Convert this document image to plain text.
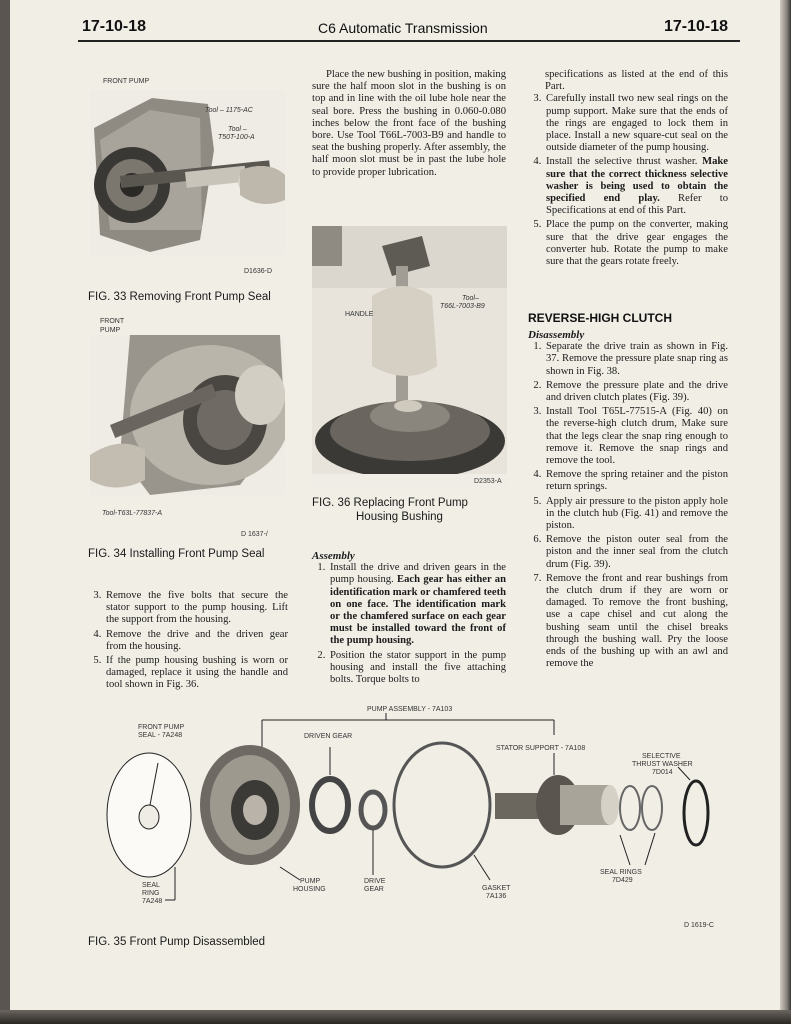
17-10-18	C6 Automatic Transmission	17-10-18
FRONT PUMP
Tool – 1175-AC
Tool –
T50T-100-A
D1636-D
FIG. 33 Removing Front Pump Seal
FRONT
PUMP
Tool-T63L-77837-A
D 1637-/
FIG. 34 Installing Front Pump Seal
3. Remove the five bolts that secure the stator support to the pump housing. Lift the support from the housing.
4. Remove the drive and the driven gear from the housing.
5. If the pump housing bushing is worn or damaged, replace it using the handle and tool shown in Fig. 36.

Place the new bushing in position, making sure the half moon slot in the bushing is on top and in line with the oil lube hole near the seal bore. Press the bushing in 0.060-0.080 inches below the front face of the bushing bore. Use Tool T66L-7003-B9 and handle to seat the bushing properly. After assembly, the half moon slot must be in past the lube hole to provide proper lubrication.

HANDLE
Tool–
T66L-7003-B9
D2353-A
FIG. 36 Replacing Front Pump
Housing Bushing

Assembly

1. Install the drive and driven gears in the pump housing. Each gear has either an identification mark or chamfered teeth on one face. The identification mark or the chamfered surface on each gear must be installed toward the front of the pump housing.
2. Position the stator support in the pump housing and install the five attaching bolts. Torque bolts to

specifications as listed at the end of this Part.

3. Carefully install two new seal rings on the pump support. Make sure that the ends of the rings are engaged to lock them in place. Install a new square-cut seal on the outside diameter of the pump housing.
4. Install the selective thrust washer. Make sure that the correct thickness selective washer is being used to obtain the specified end play. Refer to Specifications at end of this Part.
5. Place the pump on the converter, making sure that the drive gear engages the converter hub. Rotate the pump to make sure that the gears rotate freely.
REVERSE-HIGH CLUTCH

Disassembly

1. Separate the drive train as shown in Fig. 37. Remove the pressure plate snap ring as shown in Fig. 38.
2. Remove the pressure plate and the drive and driven clutch plates (Fig. 39).
3. Install Tool T65L-77515-A (Fig. 40) on the reverse-high clutch drum, Make sure that the legs clear the snap ring enough to remove it. Remove the snap rings and remove the tool.
4. Remove the spring retainer and the piston return springs.
5. Apply air pressure to the piston apply hole in the clutch hub (Fig. 41) and remove the piston.
6. Remove the piston outer seal from the piston and the inner seal from the clutch drum (Fig. 39).
7. Remove the front and rear bushings from the clutch drum if they are worn or damaged. To remove the front bushing, use a cape chisel and cut along the bushing seam until the chisel breaks through the bushing wall. Pry the loose ends of the bushing up with an awl and remove the
PUMP ASSEMBLY - 7A103
FRONT PUMP
SEAL - 7A248	DRIVEN GEAR
STATOR SUPPORT - 7A108
SELECTIVE
THRUST WASHER
7D014
SEAL
RING
7A248
PUMP
HOUSING
DRIVE
GEAR	GASKET
7A136
SEAL RINGS
7D429
D 1619-C
FIG. 35 Front Pump Disassembled
